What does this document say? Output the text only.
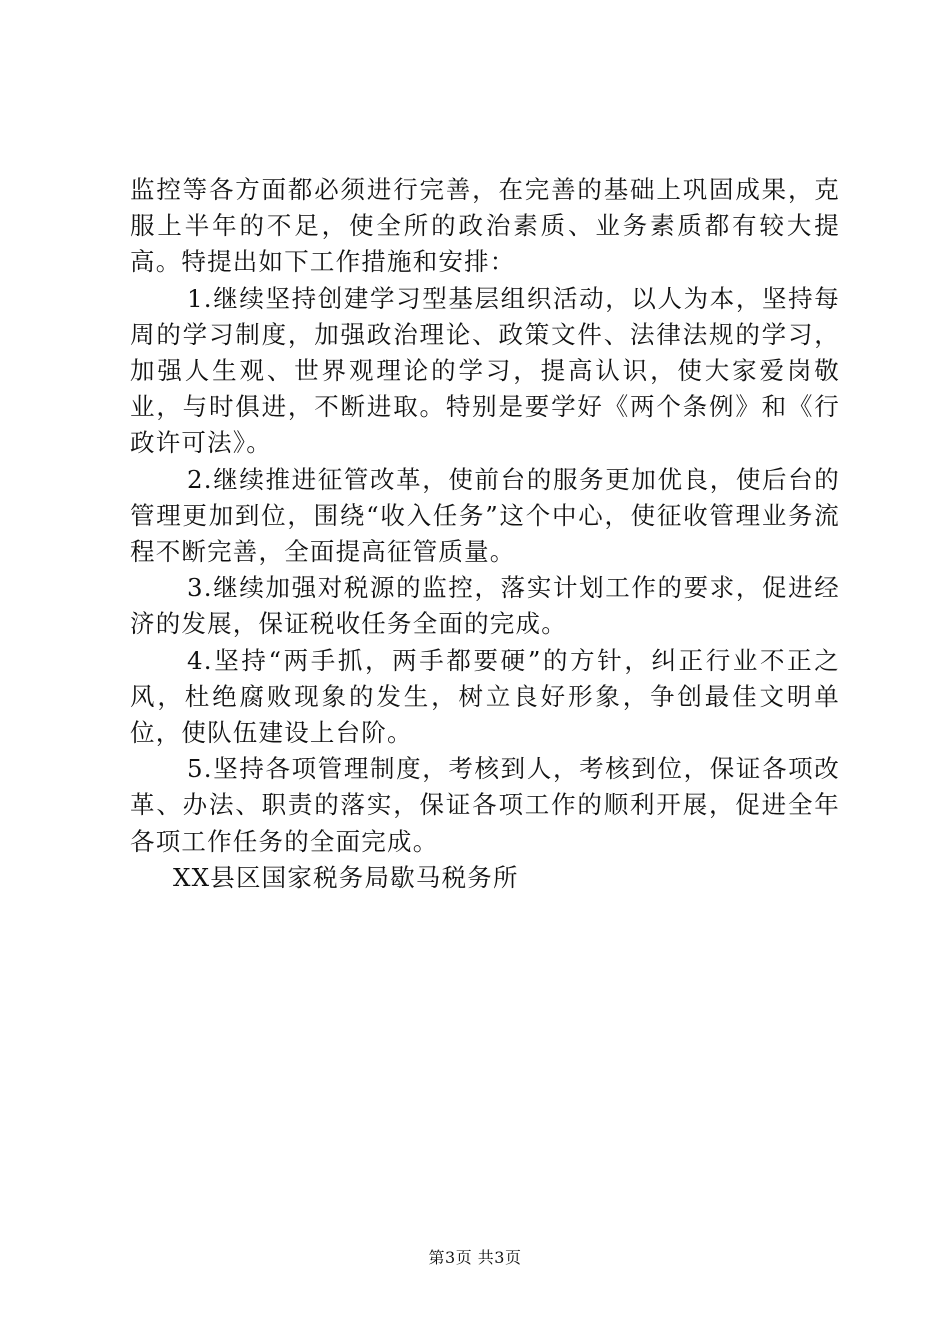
监控等各方面都必须进行完善，在完善的基础上巩固成果，克服上半年的不足，使全所的政治素质、业务素质都有较大提高。特提出如下工作措施和安排：

1.继续坚持创建学习型基层组织活动，以人为本，坚持每周的学习制度，加强政治理论、政策文件、法律法规的学习，加强人生观、世界观理论的学习，提高认识，使大家爱岗敬业，与时俱进，不断进取。特别是要学好《两个条例》和《行政许可法》。

2.继续推进征管改革，使前台的服务更加优良，使后台的管理更加到位，围绕“收入任务”这个中心，使征收管理业务流程不断完善，全面提高征管质量。

3.继续加强对税源的监控，落实计划工作的要求，促进经济的发展，保证税收任务全面的完成。

4.坚持“两手抓，两手都要硬”的方针，纠正行业不正之风，杜绝腐败现象的发生，树立良好形象，争创最佳文明单位，使队伍建设上台阶。

5.坚持各项管理制度，考核到人，考核到位，保证各项改革、办法、职责的落实，保证各项工作的顺利开展，促进全年各项工作任务的全面完成。

XX县区国家税务局歇马税务所

第3页 共3页
